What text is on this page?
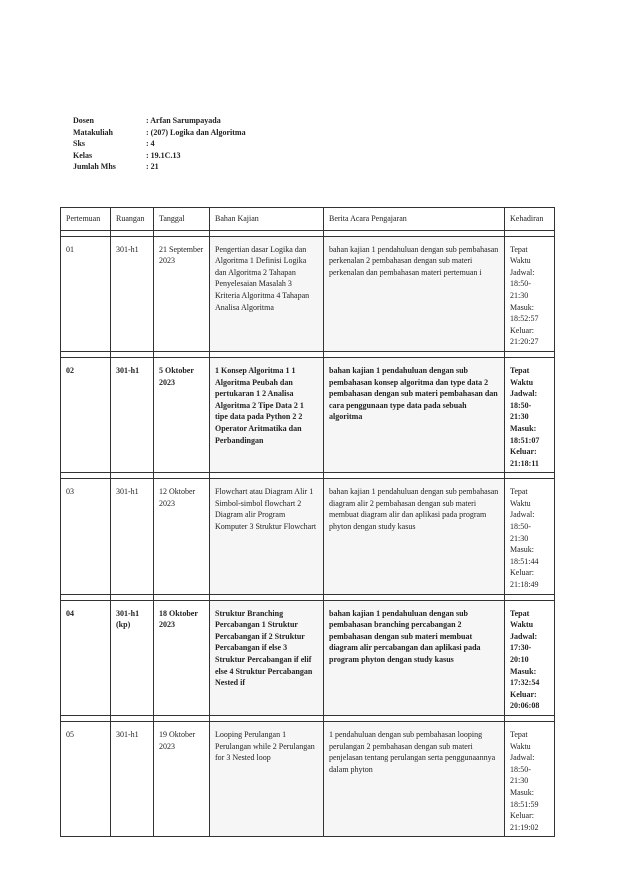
Dosen	: Arfan Sarumpayada
Matakuliah	: (207) Logika dan Algoritma
Sks	: 4
Kelas	: 19.1C.13
Jumlah Mhs	: 21
Pertemuan	Ruangan	Tanggal	Bahan Kajian	Berita Acara Pengajaran	Kehadiran

01	301-h1	21 September 2023	Pengertian dasar Logika dan Algoritma 1 Definisi Logika dan Algoritma 2 Tahapan Penyelesaian Masalah 3 Kriteria Algoritma 4 Tahapan Analisa Algoritma	bahan kajian 1 pendahuluan dengan sub pembahasan perkenalan 2 pembahasan dengan sub materi perkenalan dan pembahasan materi pertemuan i	Tepat Waktu Jadwal: 18:50-21:30 Masuk: 18:52:57 Keluar: 21:20:27

02	301-h1	5 Oktober 2023	1 Konsep Algoritma 1 1 Algoritma Peubah dan pertukaran 1 2 Analisa Algoritma 2 Tipe Data 2 1 tipe data pada Python 2 2 Operator Aritmatika dan Perbandingan	bahan kajian 1 pendahuluan dengan sub pembahasan konsep algoritma dan type data 2 pembahasan dengan sub materi pembahasan dan cara penggunaan type data pada sebuah algoritma	Tepat Waktu Jadwal: 18:50-21:30 Masuk: 18:51:07 Keluar: 21:18:11

03	301-h1	12 Oktober 2023	Flowchart atau Diagram Alir 1 Simbol-simbol flowchart 2 Diagram alir Program Komputer 3 Struktur Flowchart	bahan kajian 1 pendahuluan dengan sub pembahasan diagram alir 2 pembahasan dengan sub materi membuat diagram alir dan aplikasi pada program phyton dengan study kasus	Tepat Waktu Jadwal: 18:50-21:30 Masuk: 18:51:44 Keluar: 21:18:49

04	301-h1 (kp)	18 Oktober 2023	Struktur Branching Percabangan 1 Struktur Percabangan if 2 Struktur Percabangan if else 3 Struktur Percabangan if elif else 4 Struktur Percabangan Nested if	bahan kajian 1 pendahuluan dengan sub pembahasan branching percabangan 2 pembahasan dengan sub materi membuat diagram alir percabangan dan aplikasi pada program phyton dengan study kasus	Tepat Waktu Jadwal: 17:30-20:10 Masuk: 17:32:54 Keluar: 20:06:08

05	301-h1	19 Oktober 2023	Looping Perulangan 1 Perulangan while 2 Perulangan for 3 Nested loop	1 pendahuluan dengan sub pembahasan looping perulangan 2 pembahasan dengan sub materi penjelasan tentang perulangan serta penggunaannya dalam phyton	Tepat Waktu Jadwal: 18:50-21:30 Masuk: 18:51:59 Keluar: 21:19:02
